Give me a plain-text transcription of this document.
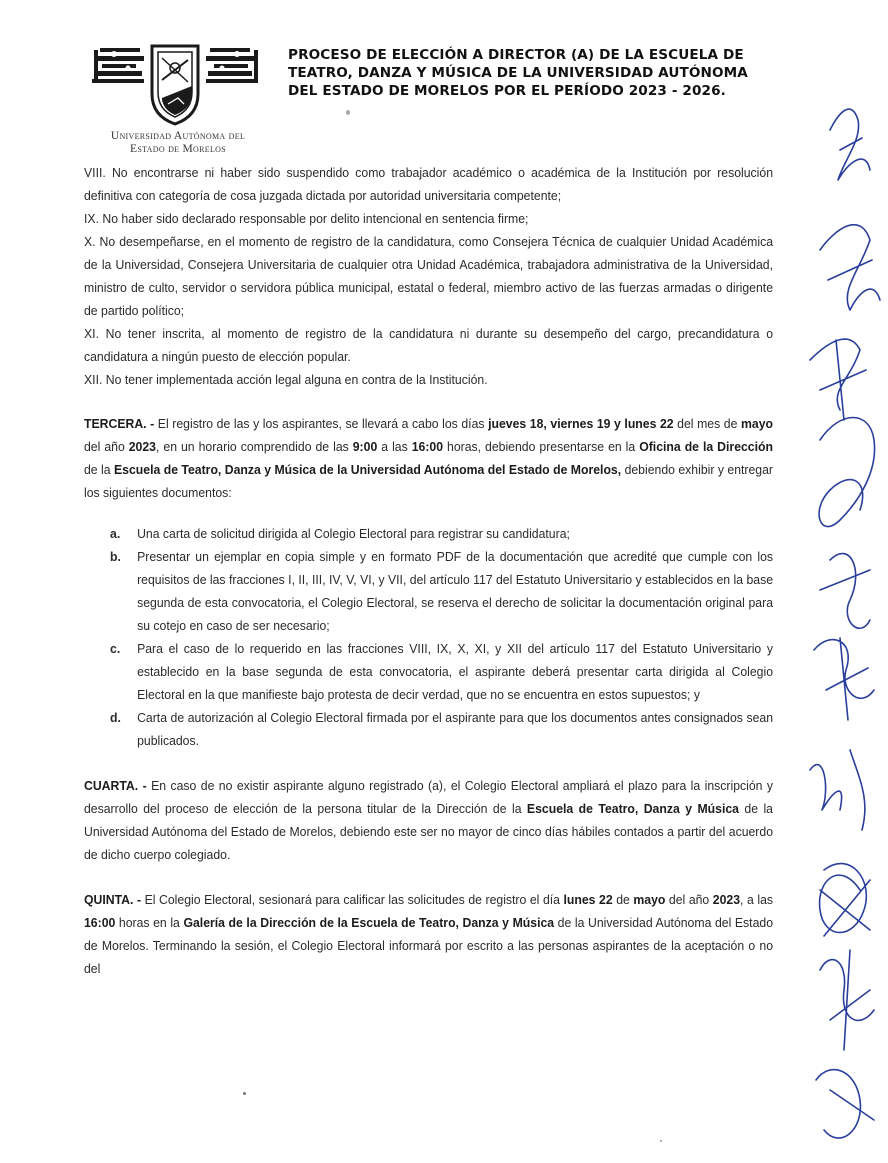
Universidad Autónoma del
Estado de Morelos
PROCESO DE ELECCIÓN A DIRECTOR (A) DE LA ESCUELA DE
TEATRO, DANZA Y MÚSICA DE LA UNIVERSIDAD AUTÓNOMA
DEL ESTADO DE MORELOS POR EL PERÍODO 2023 - 2026.

VIII. No encontrarse ni haber sido suspendido como trabajador académico o académica de la Institución por resolución definitiva con categoría de cosa juzgada dictada por autoridad universitaria competente;

IX. No haber sido declarado responsable por delito intencional en sentencia firme;

X. No desempeñarse, en el momento de registro de la candidatura, como Consejera Técnica de cualquier Unidad Académica de la Universidad, Consejera Universitaria de cualquier otra Unidad Académica, trabajadora administrativa de la Universidad, ministro de culto, servidor o servidora pública municipal, estatal o federal, miembro activo de las fuerzas armadas o dirigente de partido político;

XI. No tener inscrita, al momento de registro de la candidatura ni durante su desempeño del cargo, precandidatura o candidatura a ningún puesto de elección popular.

XII. No tener implementada acción legal alguna en contra de la Institución.

TERCERA. - El registro de las y los aspirantes, se llevará a cabo los días jueves 18, viernes 19 y lunes 22 del mes de mayo del año 2023, en un horario comprendido de las 9:00 a las 16:00 horas, debiendo presentarse en la Oficina de la Dirección de la Escuela de Teatro, Danza y Música de la Universidad Autónoma del Estado de Morelos, debiendo exhibir y entregar los siguientes documentos:

a. Una carta de solicitud dirigida al Colegio Electoral para registrar su candidatura;
b. Presentar un ejemplar en copia simple y en formato PDF de la documentación que acredité que cumple con los requisitos de las fracciones I, II, III, IV, V, VI, y VII, del artículo 117 del Estatuto Universitario y establecidos en la base segunda de esta convocatoria, el Colegio Electoral, se reserva el derecho de solicitar la documentación original para su cotejo en caso de ser necesario;
c. Para el caso de lo requerido en las fracciones VIII, IX, X, XI, y XII del artículo 117 del Estatuto Universitario y establecido en la base segunda de esta convocatoria, el aspirante deberá presentar carta dirigida al Colegio Electoral en la que manifieste bajo protesta de decir verdad, que no se encuentra en estos supuestos; y
d. Carta de autorización al Colegio Electoral firmada por el aspirante para que los documentos antes consignados sean publicados.

CUARTA. - En caso de no existir aspirante alguno registrado (a), el Colegio Electoral ampliará el plazo para la inscripción y desarrollo del proceso de elección de la persona titular de la Dirección de la Escuela de Teatro, Danza y Música de la Universidad Autónoma del Estado de Morelos, debiendo este ser no mayor de cinco días hábiles contados a partir del acuerdo de dicho cuerpo colegiado.

QUINTA. - El Colegio Electoral, sesionará para calificar las solicitudes de registro el día lunes 22 de mayo del año 2023, a las 16:00 horas en la Galería de la Dirección de la Escuela de Teatro, Danza y Música de la Universidad Autónoma del Estado de Morelos. Terminando la sesión, el Colegio Electoral informará por escrito a las personas aspirantes de la aceptación o no del
